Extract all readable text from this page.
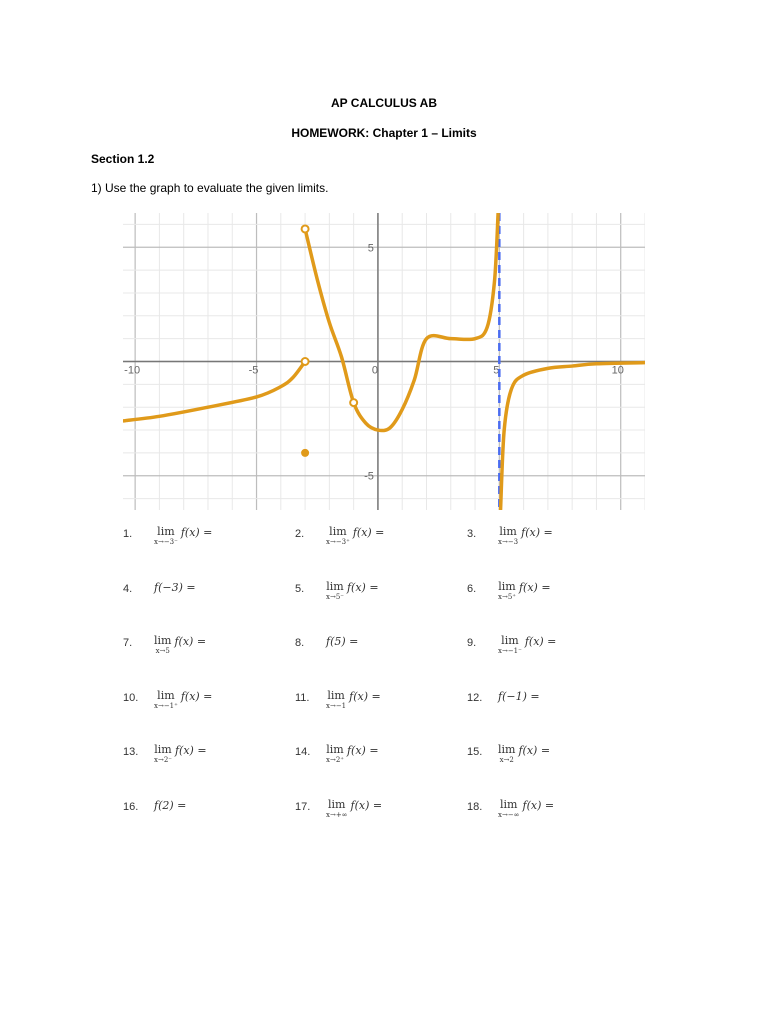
AP CALCULUS AB
HOMEWORK: Chapter 1 – Limits
Section 1.2
1) Use the graph to evaluate the given limits.
-10	-5	0	5	10
5
-5
1. lim
x→−3⁻
f(x) =	2. lim
x→−3⁺
f(x) =	3. lim
x→−3
f(x) =
4. f(−3) =	5. lim
x→5⁻
f(x) =	6. lim
x→5⁺
f(x) =
7. lim
x→5
f(x) =	8. f(5) =	9. lim
x→−1⁻
f(x) =
10. lim
x→−1⁺
f(x) =	11. lim
x→−1
f(x) =	12. f(−1) =
13. lim
x→2⁻
f(x) =	14. lim
x→2⁺
f(x) =	15. lim
x→2
f(x) =
16. f(2) =	17. lim
x→+∞
f(x) =	18. lim
x→−∞
f(x) =
